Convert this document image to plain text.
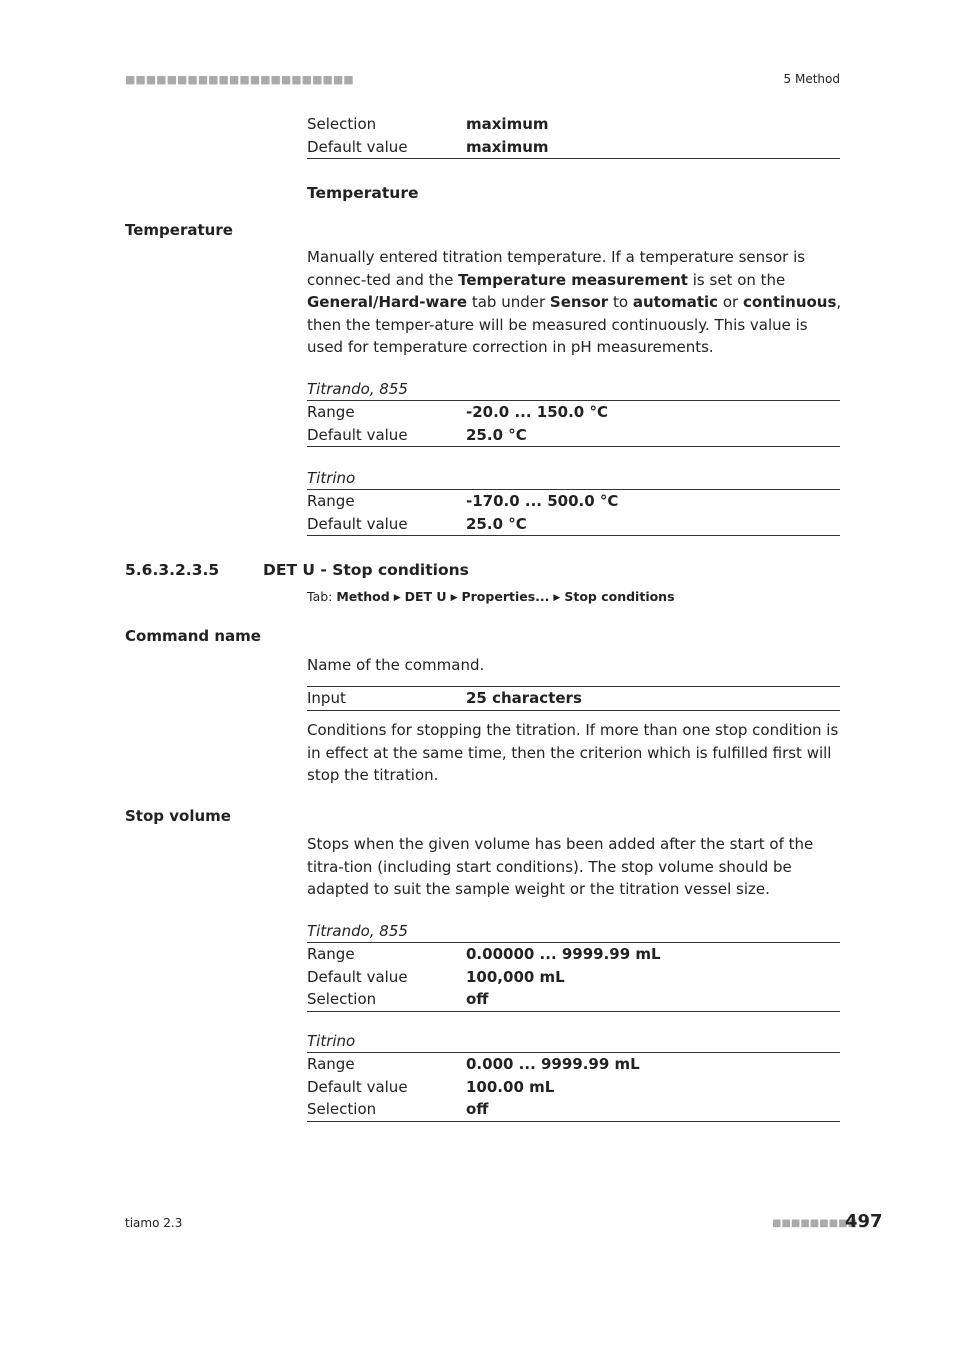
■■■■■■■■■■■■■■■■■■■■■■	5 Method
Selection	maximum
Default value	maximum
Temperature
Temperature
Manually entered titration temperature. If a temperature sensor is connec-ted and the Temperature measurement is set on the General/Hard-ware tab under Sensor to automatic or continuous, then the temper-ature will be measured continuously. This value is used for temperature correction in pH measurements.
Titrando, 855
Range	-20.0 ... 150.0 °C
Default value	25.0 °C
Titrino
Range	-170.0 ... 500.0 °C
Default value	25.0 °C
5.6.3.2.3.5	DET U - Stop conditions
Tab: Method ▶ DET U ▶ Properties... ▶ Stop conditions
Command name
Name of the command.
Input	25 characters
Conditions for stopping the titration. If more than one stop condition is in effect at the same time, then the criterion which is fulfilled first will stop the titration.
Stop volume
Stops when the given volume has been added after the start of the titra-tion (including start conditions). The stop volume should be adapted to suit the sample weight or the titration vessel size.
Titrando, 855
Range	0.00000 ... 9999.99 mL
Default value	100,000 mL
Selection	off
Titrino
Range	0.000 ... 9999.99 mL
Default value	100.00 mL
Selection	off
tiamo 2.3	■■■■■■■■■
497
